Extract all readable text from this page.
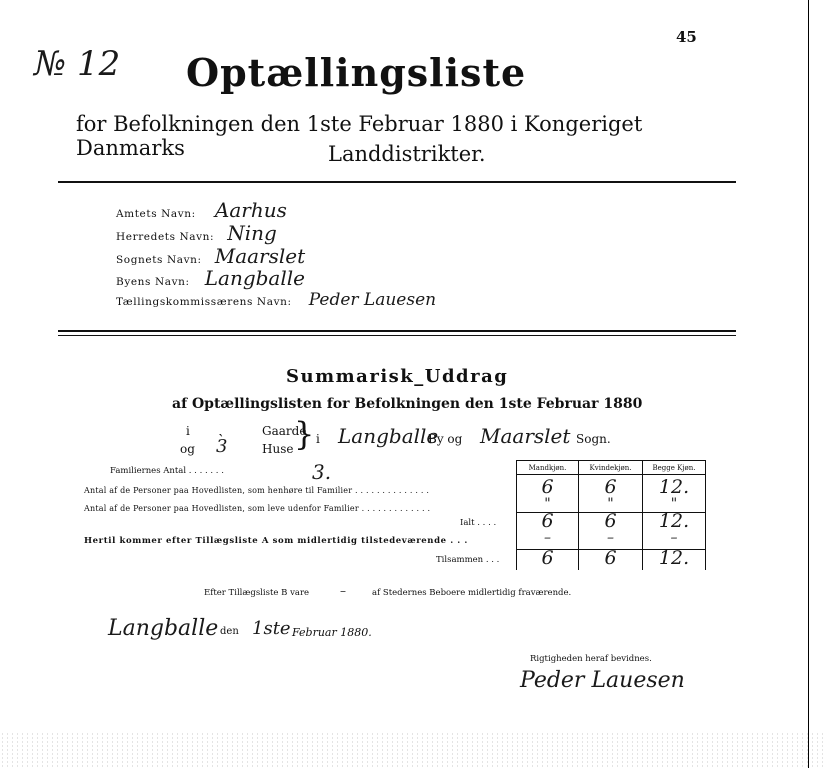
45
№ 12 Optællingsliste
for Befolkningen den 1ste Februar 1880 i Kongeriget Danmarks	Landdistrikter.
Amtets Navn: Aarhus
Herredets Navn: Ning
Sognets Navn: Maarslet
Byens Navn: Langballe
Tællingskommissærens Navn: Peder Lauesen
Summarisk_Uddrag
af Optællingslisten for Befolkningen den 1ste Februar 1880
i ˎ	Gaarde
og 3	Huse } i Langballe
By og Maarslet Sogn.
Mandkjøn.	Kvindekjøn.	Begge Kjøn.
Familiernes Antal . . . . . . .	3.
Antal af de Personer paa Hovedlisten, som henhøre til Familier . . . . . . . . . . . . . .	6	6	12.
Antal af de Personer paa Hovedlisten, som leve udenfor Familier . . . . . . . . . . . . .	"	"	"
Ialt . . . .	6	6	12.
Hertil kommer efter Tillægsliste A som midlertidig tilstedeværende . . .	–	–	–
Tilsammen . . .	6	6	12.
Efter Tillægsliste B vare	–	af Stedernes Beboere midlertidig fraværende.
Langballe den 1ste Februar 1880.
Rigtigheden heraf bevidnes.
Peder Lauesen
